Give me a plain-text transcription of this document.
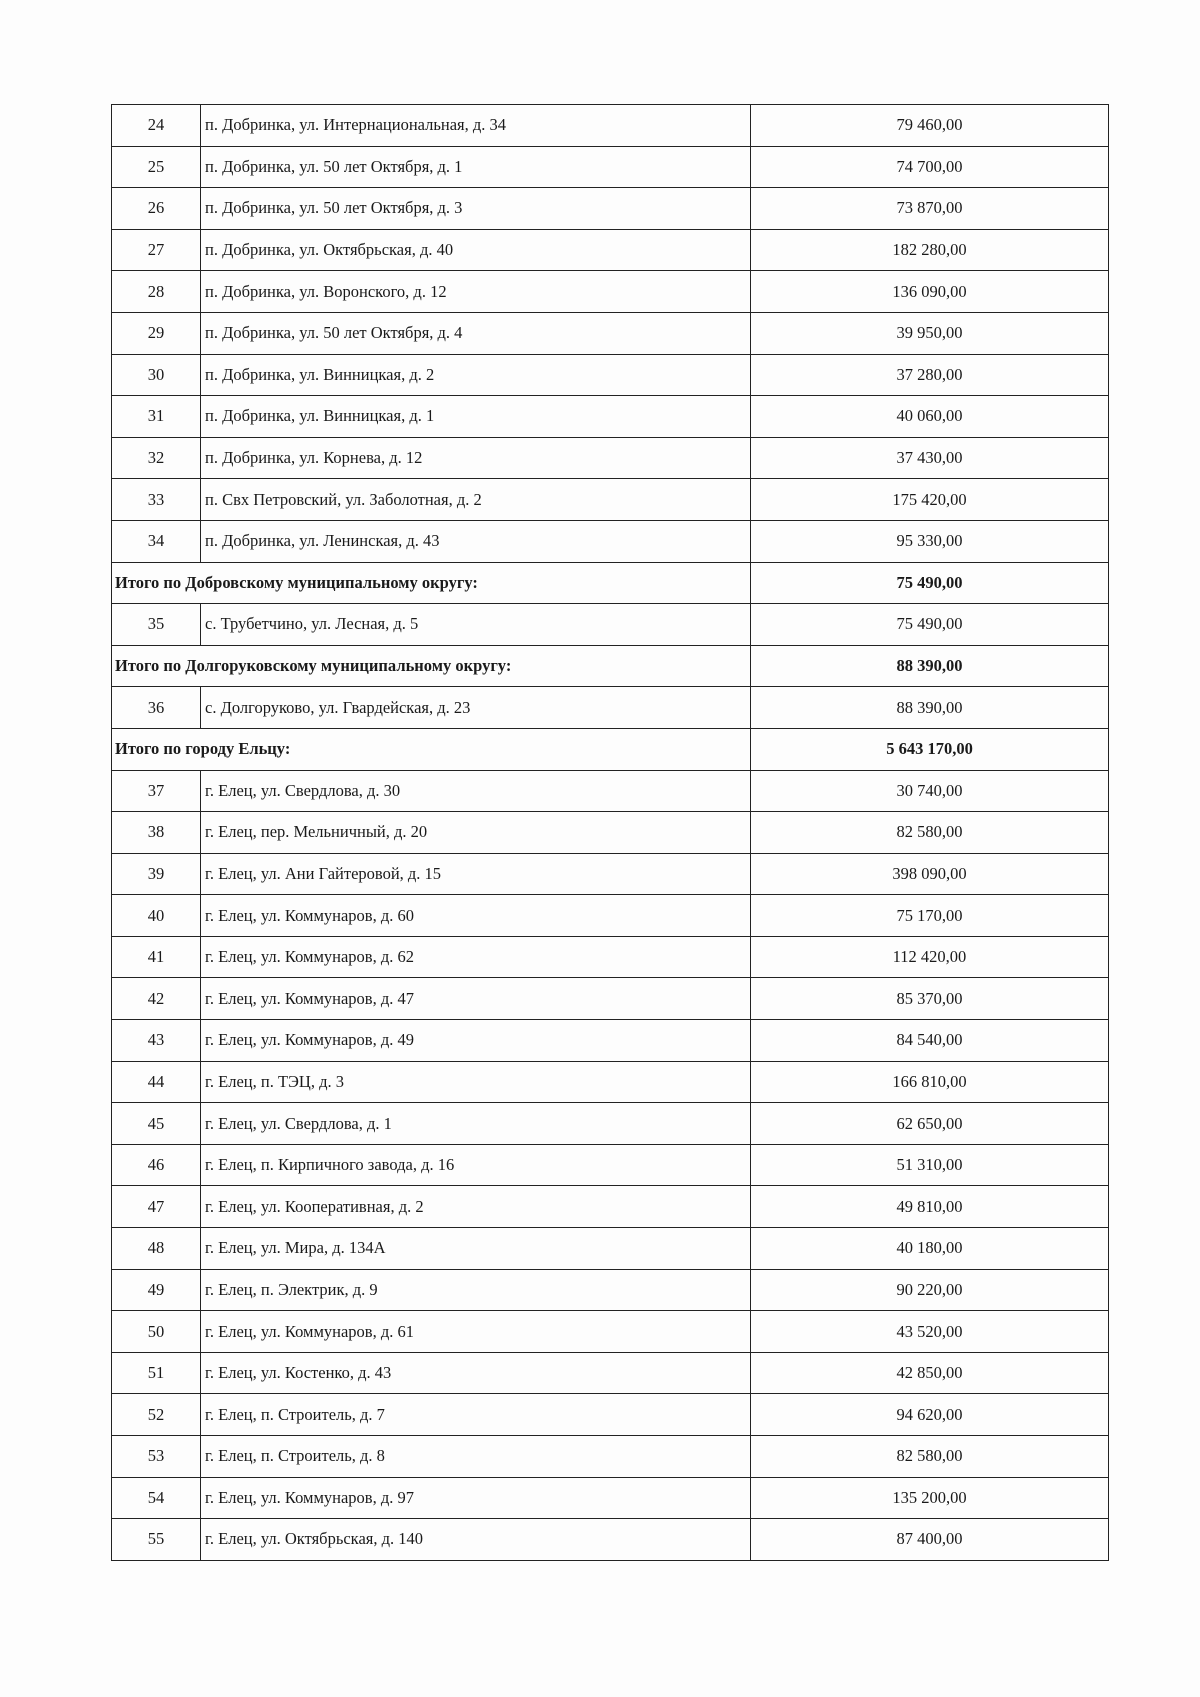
24	п. Добринка, ул. Интернациональная, д. 34	79 460,00
25	п. Добринка, ул. 50 лет Октября, д. 1	74 700,00
26	п. Добринка, ул. 50 лет Октября, д. 3	73 870,00
27	п. Добринка, ул. Октябрьская, д. 40	182 280,00
28	п. Добринка, ул. Воронского, д. 12	136 090,00
29	п. Добринка, ул. 50 лет Октября, д. 4	39 950,00
30	п. Добринка, ул. Винницкая, д. 2	37 280,00
31	п. Добринка, ул. Винницкая, д. 1	40 060,00
32	п. Добринка, ул. Корнева, д. 12	37 430,00
33	п. Свх Петровский, ул. Заболотная, д. 2	175 420,00
34	п. Добринка, ул. Ленинская, д. 43	95 330,00
Итого по Добровскому муниципальному округу:		75 490,00
35	с. Трубетчино, ул. Лесная, д. 5	75 490,00
Итого по Долгоруковскому муниципальному округу:		88 390,00
36	с. Долгоруково, ул. Гвардейская, д. 23	88 390,00
Итого по городу Ельцу:		5 643 170,00
37	г. Елец, ул. Свердлова, д. 30	30 740,00
38	г. Елец, пер. Мельничный, д. 20	82 580,00
39	г. Елец, ул. Ани Гайтеровой, д. 15	398 090,00
40	г. Елец, ул. Коммунаров, д. 60	75 170,00
41	г. Елец, ул. Коммунаров, д. 62	112 420,00
42	г. Елец, ул. Коммунаров, д. 47	85 370,00
43	г. Елец, ул. Коммунаров, д. 49	84 540,00
44	г. Елец, п. ТЭЦ, д. 3	166 810,00
45	г. Елец, ул. Свердлова, д. 1	62 650,00
46	г. Елец, п. Кирпичного завода, д. 16	51 310,00
47	г. Елец, ул. Кооперативная, д. 2	49 810,00
48	г. Елец, ул. Мира, д. 134А	40 180,00
49	г. Елец, п. Электрик, д. 9	90 220,00
50	г. Елец, ул. Коммунаров, д. 61	43 520,00
51	г. Елец, ул. Костенко, д. 43	42 850,00
52	г. Елец, п. Строитель, д. 7	94 620,00
53	г. Елец, п. Строитель, д. 8	82 580,00
54	г. Елец, ул. Коммунаров, д. 97	135 200,00
55	г. Елец, ул. Октябрьская, д. 140	87 400,00
